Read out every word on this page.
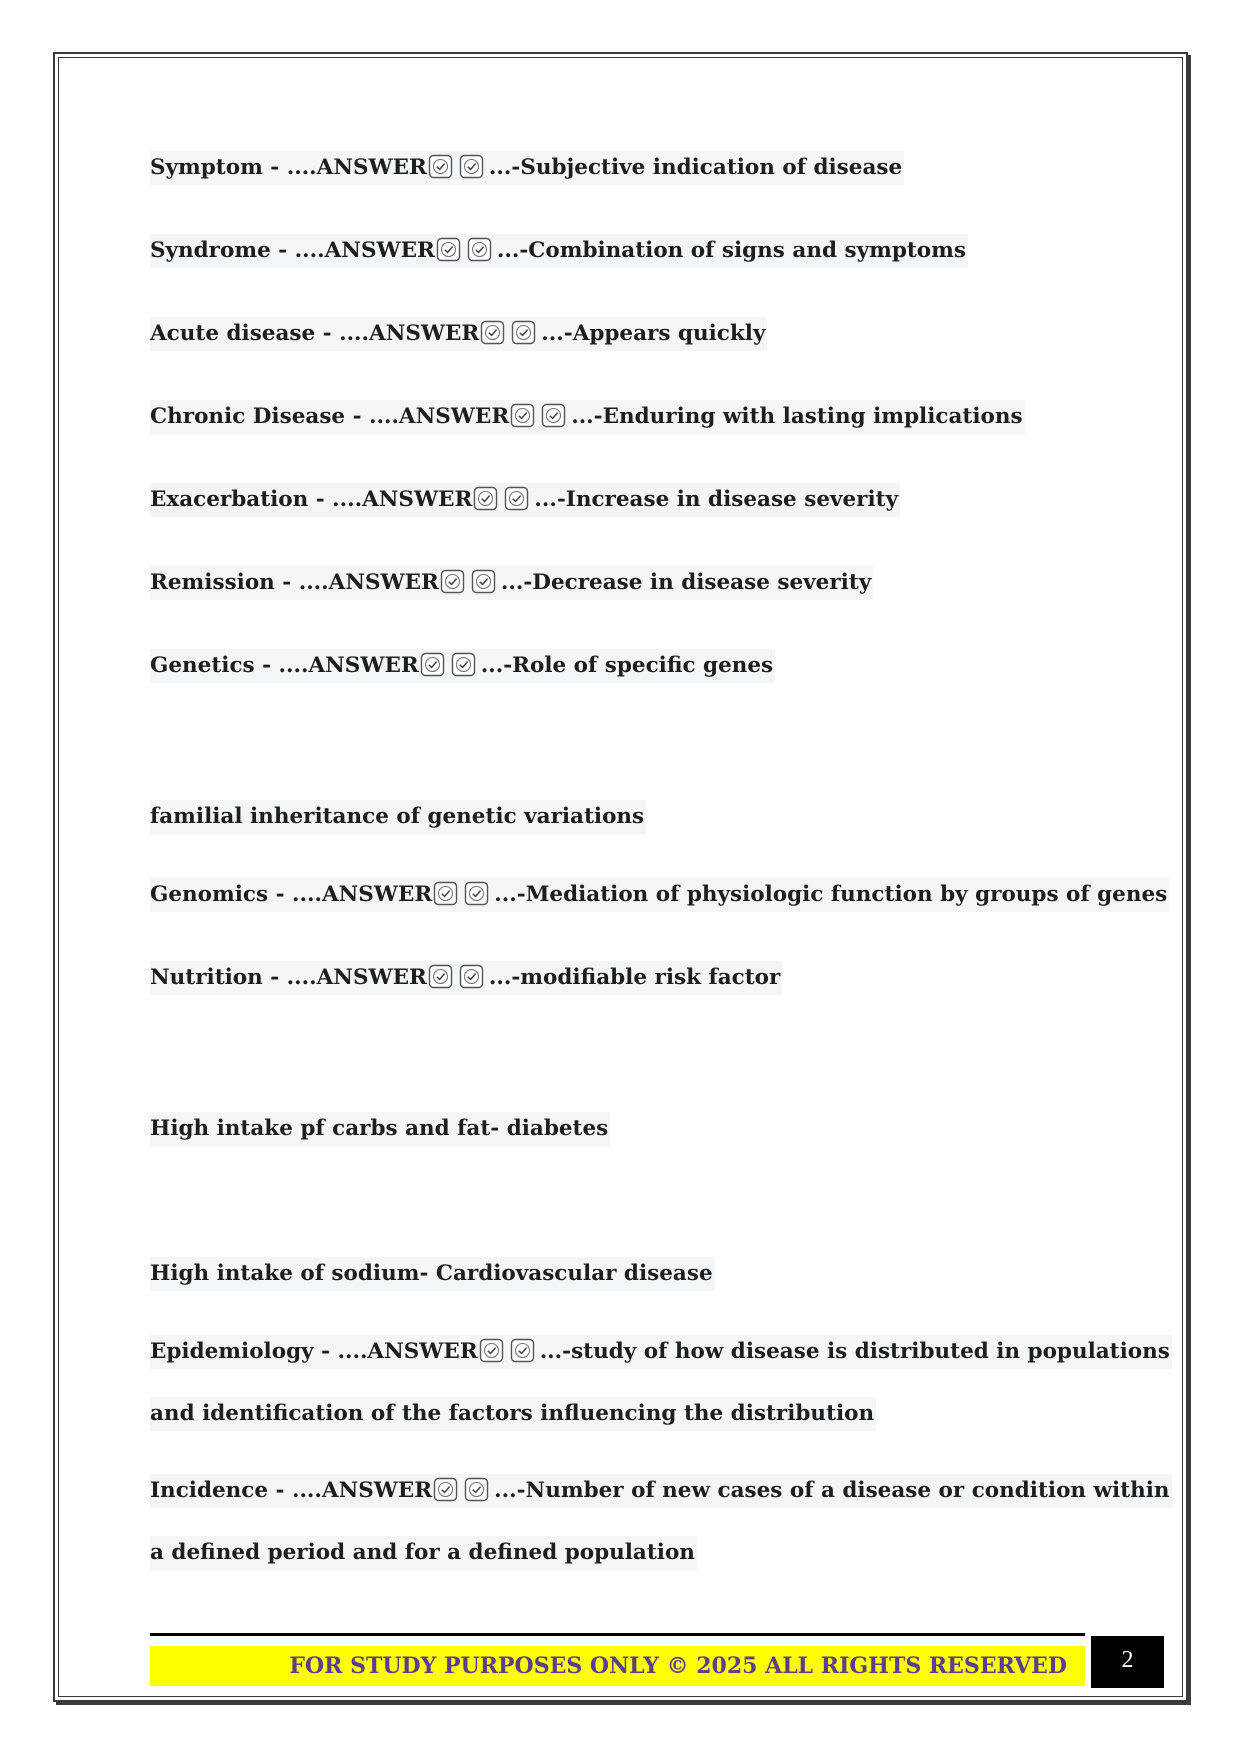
Symptom - ....ANSWER	...-Subjective indication of disease
Syndrome - ....ANSWER	...-Combination of signs and symptoms
Acute disease - ....ANSWER	...-Appears quickly
Chronic Disease - ....ANSWER	...-Enduring with lasting implications
Exacerbation - ....ANSWER	...-Increase in disease severity
Remission - ....ANSWER	...-Decrease in disease severity
Genetics - ....ANSWER	...-Role of specific genes
familial inheritance of genetic variations
Genomics - ....ANSWER	...-Mediation of physiologic function by groups of genes
Nutrition - ....ANSWER	...-modifiable risk factor
High intake pf carbs and fat- diabetes
High intake of sodium- Cardiovascular disease
Epidemiology - ....ANSWER	...-study of how disease is distributed in populations
and identification of the factors influencing the distribution
Incidence - ....ANSWER	...-Number of new cases of a disease or condition within
a defined period and for a defined population
FOR STUDY PURPOSES ONLY © 2025 ALL RIGHTS RESERVED	2
